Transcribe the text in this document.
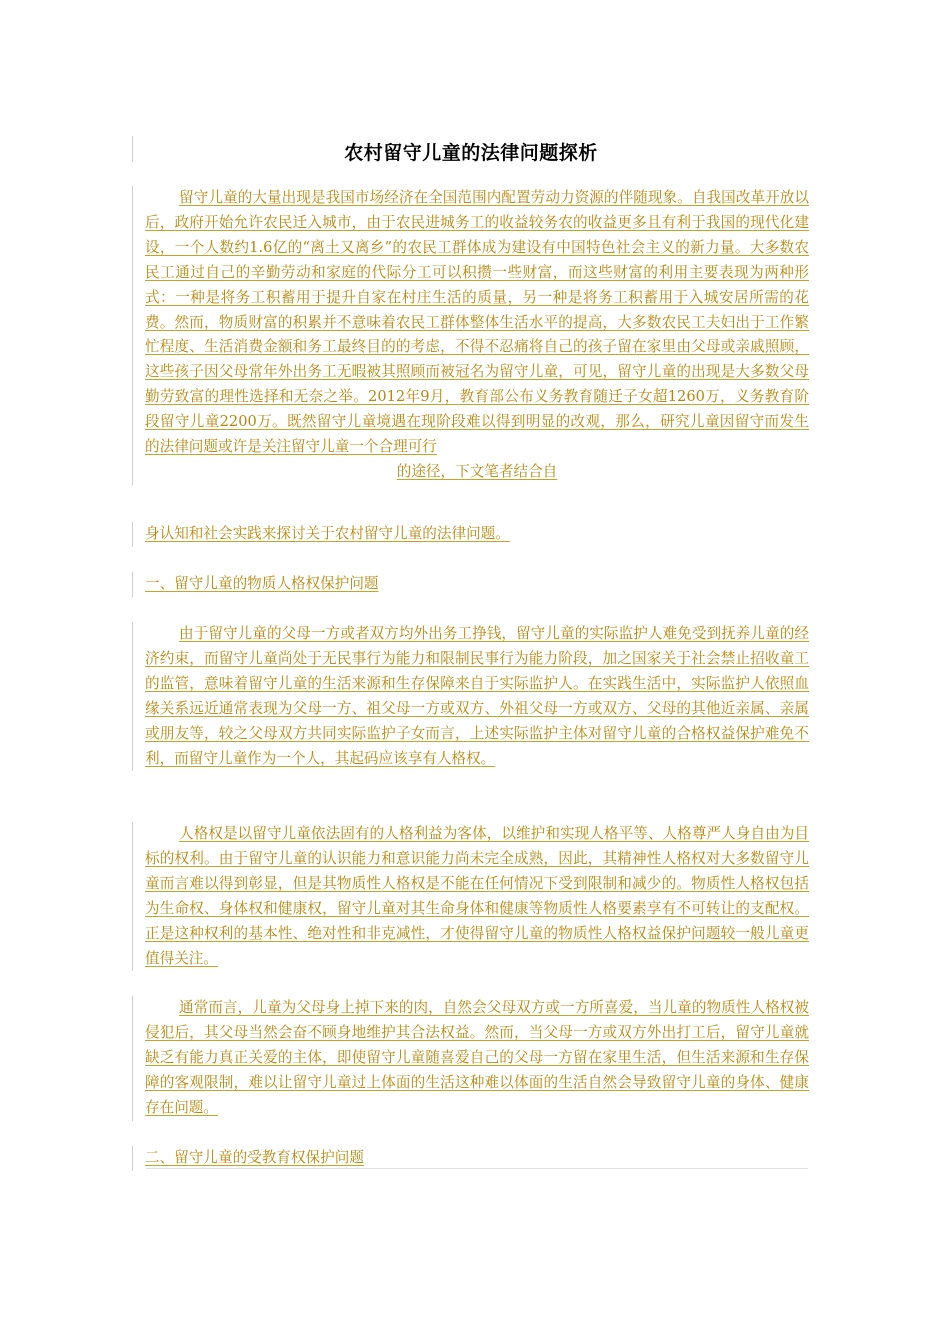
农村留守儿童的法律问题探析

留守儿童的大量出现是我国市场经济在全国范围内配置劳动力资源的伴随现象。自我国改革开放以后，政府开始允许农民迁入城市，由于农民进城务工的收益较务农的收益更多且有利于我国的现代化建设，一个人数约1.6亿的“离土又离乡”的农民工群体成为建设有中国特色社会主义的新力量。大多数农民工通过自己的辛勤劳动和家庭的代际分工可以积攒一些财富，而这些财富的利用主要表现为两种形式：一种是将务工积蓄用于提升自家在村庄生活的质量，另一种是将务工积蓄用于入城安居所需的花费。然而，物质财富的积累并不意味着农民工群体整体生活水平的提高，大多数农民工夫妇出于工作繁忙程度、生活消费金额和务工最终目的的考虑，不得不忍痛将自己的孩子留在家里由父母或亲戚照顾，这些孩子因父母常年外出务工无暇被其照顾而被冠名为留守儿童，可见，留守儿童的出现是大多数父母勤劳致富的理性选择和无奈之举。2012年9月，教育部公布义务教育随迁子女超1260万，义务教育阶段留守儿童2200万。既然留守儿童境遇在现阶段难以得到明显的改观，那么，研究儿童因留守而发生的法律问题或许是关注留守儿童一个合理可行

的途径，下文笔者结合自

身认知和社会实践来探讨关于农村留守儿童的法律问题。

一、留守儿童的物质人格权保护问题

由于留守儿童的父母一方或者双方均外出务工挣钱，留守儿童的实际监护人难免受到抚养儿童的经济约束，而留守儿童尚处于无民事行为能力和限制民事行为能力阶段，加之国家关于社会禁止招收童工的监管，意味着留守儿童的生活来源和生存保障来自于实际监护人。在实践生活中，实际监护人依照血缘关系远近通常表现为父母一方、祖父母一方或双方、外祖父母一方或双方、父母的其他近亲属、亲属或朋友等，较之父母双方共同实际监护子女而言，上述实际监护主体对留守儿童的合格权益保护难免不利，而留守儿童作为一个人，其起码应该享有人格权。

人格权是以留守儿童依法固有的人格利益为客体，以维护和实现人格平等、人格尊严人身自由为目标的权利。由于留守儿童的认识能力和意识能力尚未完全成熟，因此，其精神性人格权对大多数留守儿童而言难以得到彰显，但是其物质性人格权是不能在任何情况下受到限制和减少的。物质性人格权包括为生命权、身体权和健康权，留守儿童对其生命身体和健康等物质性人格要素享有不可转让的支配权。正是这种权利的基本性、绝对性和非克减性，才使得留守儿童的物质性人格权益保护问题较一般儿童更值得关注。

通常而言，儿童为父母身上掉下来的肉，自然会父母双方或一方所喜爱，当儿童的物质性人格权被侵犯后，其父母当然会奋不顾身地维护其合法权益。然而，当父母一方或双方外出打工后，留守儿童就缺乏有能力真正关爱的主体，即使留守儿童随喜爱自己的父母一方留在家里生活，但生活来源和生存保障的客观限制，难以让留守儿童过上体面的生活这种难以体面的生活自然会导致留守儿童的身体、健康存在问题。

二、留守儿童的受教育权保护问题
